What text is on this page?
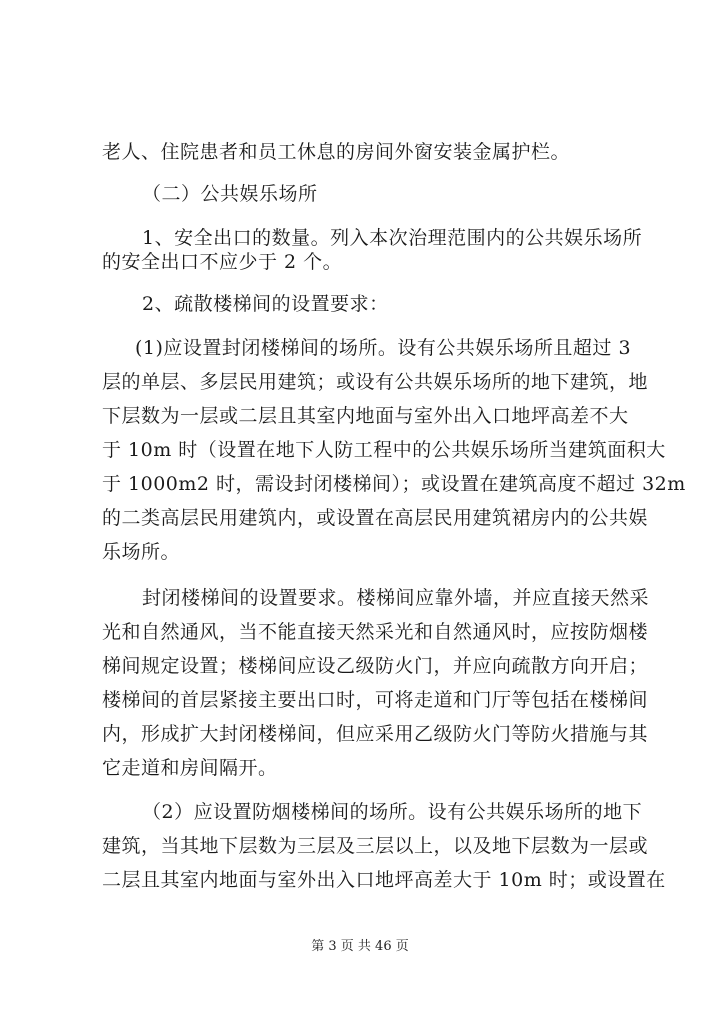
老人、住院患者和员工休息的房间外窗安装金属护栏。
（二）公共娱乐场所
1、安全出口的数量。列入本次治理范围内的公共娱乐场所
的安全出口不应少于 2 个。
2、疏散楼梯间的设置要求：
(1)应设置封闭楼梯间的场所。设有公共娱乐场所且超过 3
层的单层、多层民用建筑；或设有公共娱乐场所的地下建筑，地
下层数为一层或二层且其室内地面与室外出入口地坪高差不大
于 10m 时（设置在地下人防工程中的公共娱乐场所当建筑面积大
于 1000m2 时，需设封闭楼梯间）；或设置在建筑高度不超过 32m
的二类高层民用建筑内，或设置在高层民用建筑裙房内的公共娱
乐场所。
封闭楼梯间的设置要求。楼梯间应靠外墙，并应直接天然采
光和自然通风，当不能直接天然采光和自然通风时，应按防烟楼
梯间规定设置；楼梯间应设乙级防火门，并应向疏散方向开启；
楼梯间的首层紧接主要出口时，可将走道和门厅等包括在楼梯间
内，形成扩大封闭楼梯间，但应采用乙级防火门等防火措施与其
它走道和房间隔开。
（2）应设置防烟楼梯间的场所。设有公共娱乐场所的地下
建筑，当其地下层数为三层及三层以上，以及地下层数为一层或
二层且其室内地面与室外出入口地坪高差大于 10m 时；或设置在
第 3 页 共 46 页
